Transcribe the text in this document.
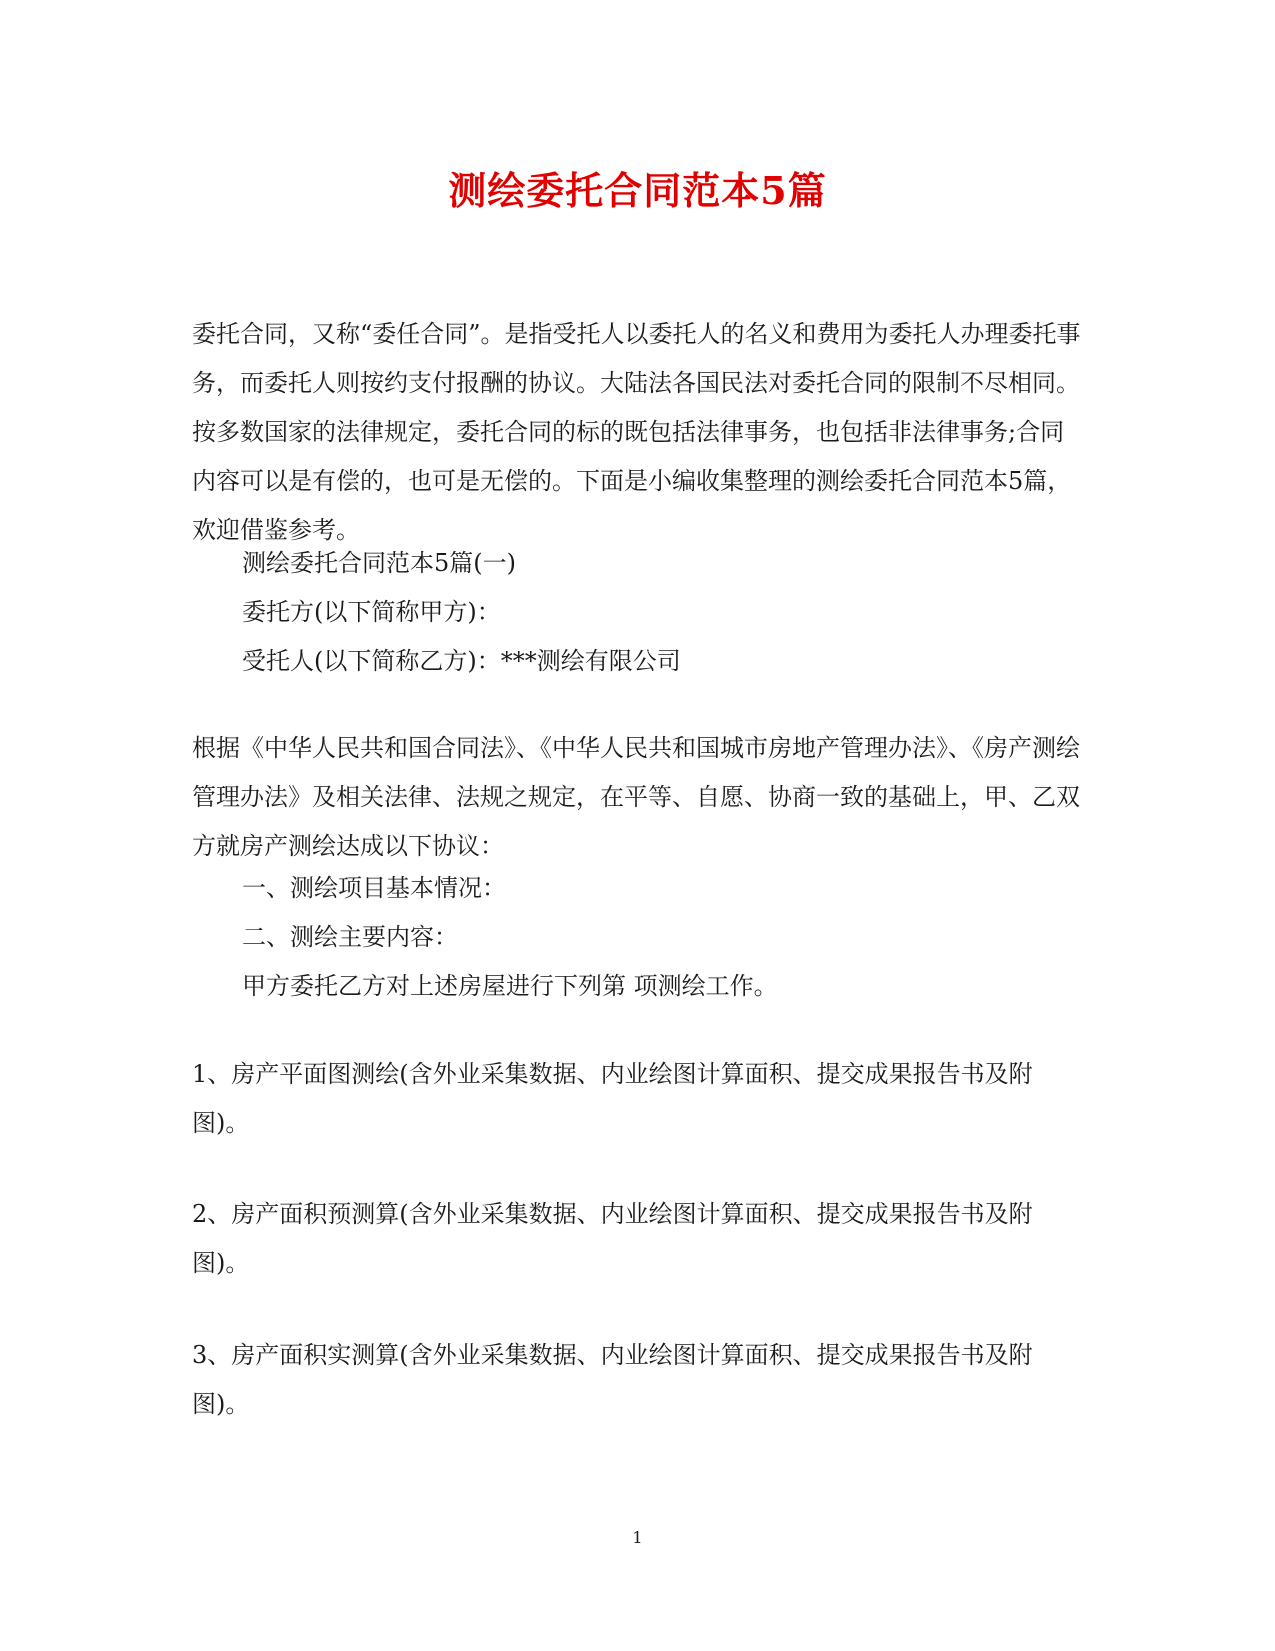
测绘委托合同范本5篇

委托合同，又称“委任合同”。是指受托人以委托人的名义和费用为委托人办理委托事务，而委托人则按约支付报酬的协议。大陆法各国民法对委托合同的限制不尽相同。按多数国家的法律规定，委托合同的标的既包括法律事务，也包括非法律事务;合同内容可以是有偿的，也可是无偿的。下面是小编收集整理的测绘委托合同范本5篇，欢迎借鉴参考。

测绘委托合同范本5篇(一)

委托方(以下简称甲方)：

受托人(以下简称乙方)：***测绘有限公司

根据《中华人民共和国合同法》、《中华人民共和国城市房地产管理办法》、《房产测绘管理办法》及相关法律、法规之规定，在平等、自愿、协商一致的基础上，甲、乙双方就房产测绘达成以下协议：

一、测绘项目基本情况：

二、测绘主要内容：

甲方委托乙方对上述房屋进行下列第 项测绘工作。

1、房产平面图测绘(含外业采集数据、内业绘图计算面积、提交成果报告书及附图)。

2、房产面积预测算(含外业采集数据、内业绘图计算面积、提交成果报告书及附图)。

3、房产面积实测算(含外业采集数据、内业绘图计算面积、提交成果报告书及附图)。

1
